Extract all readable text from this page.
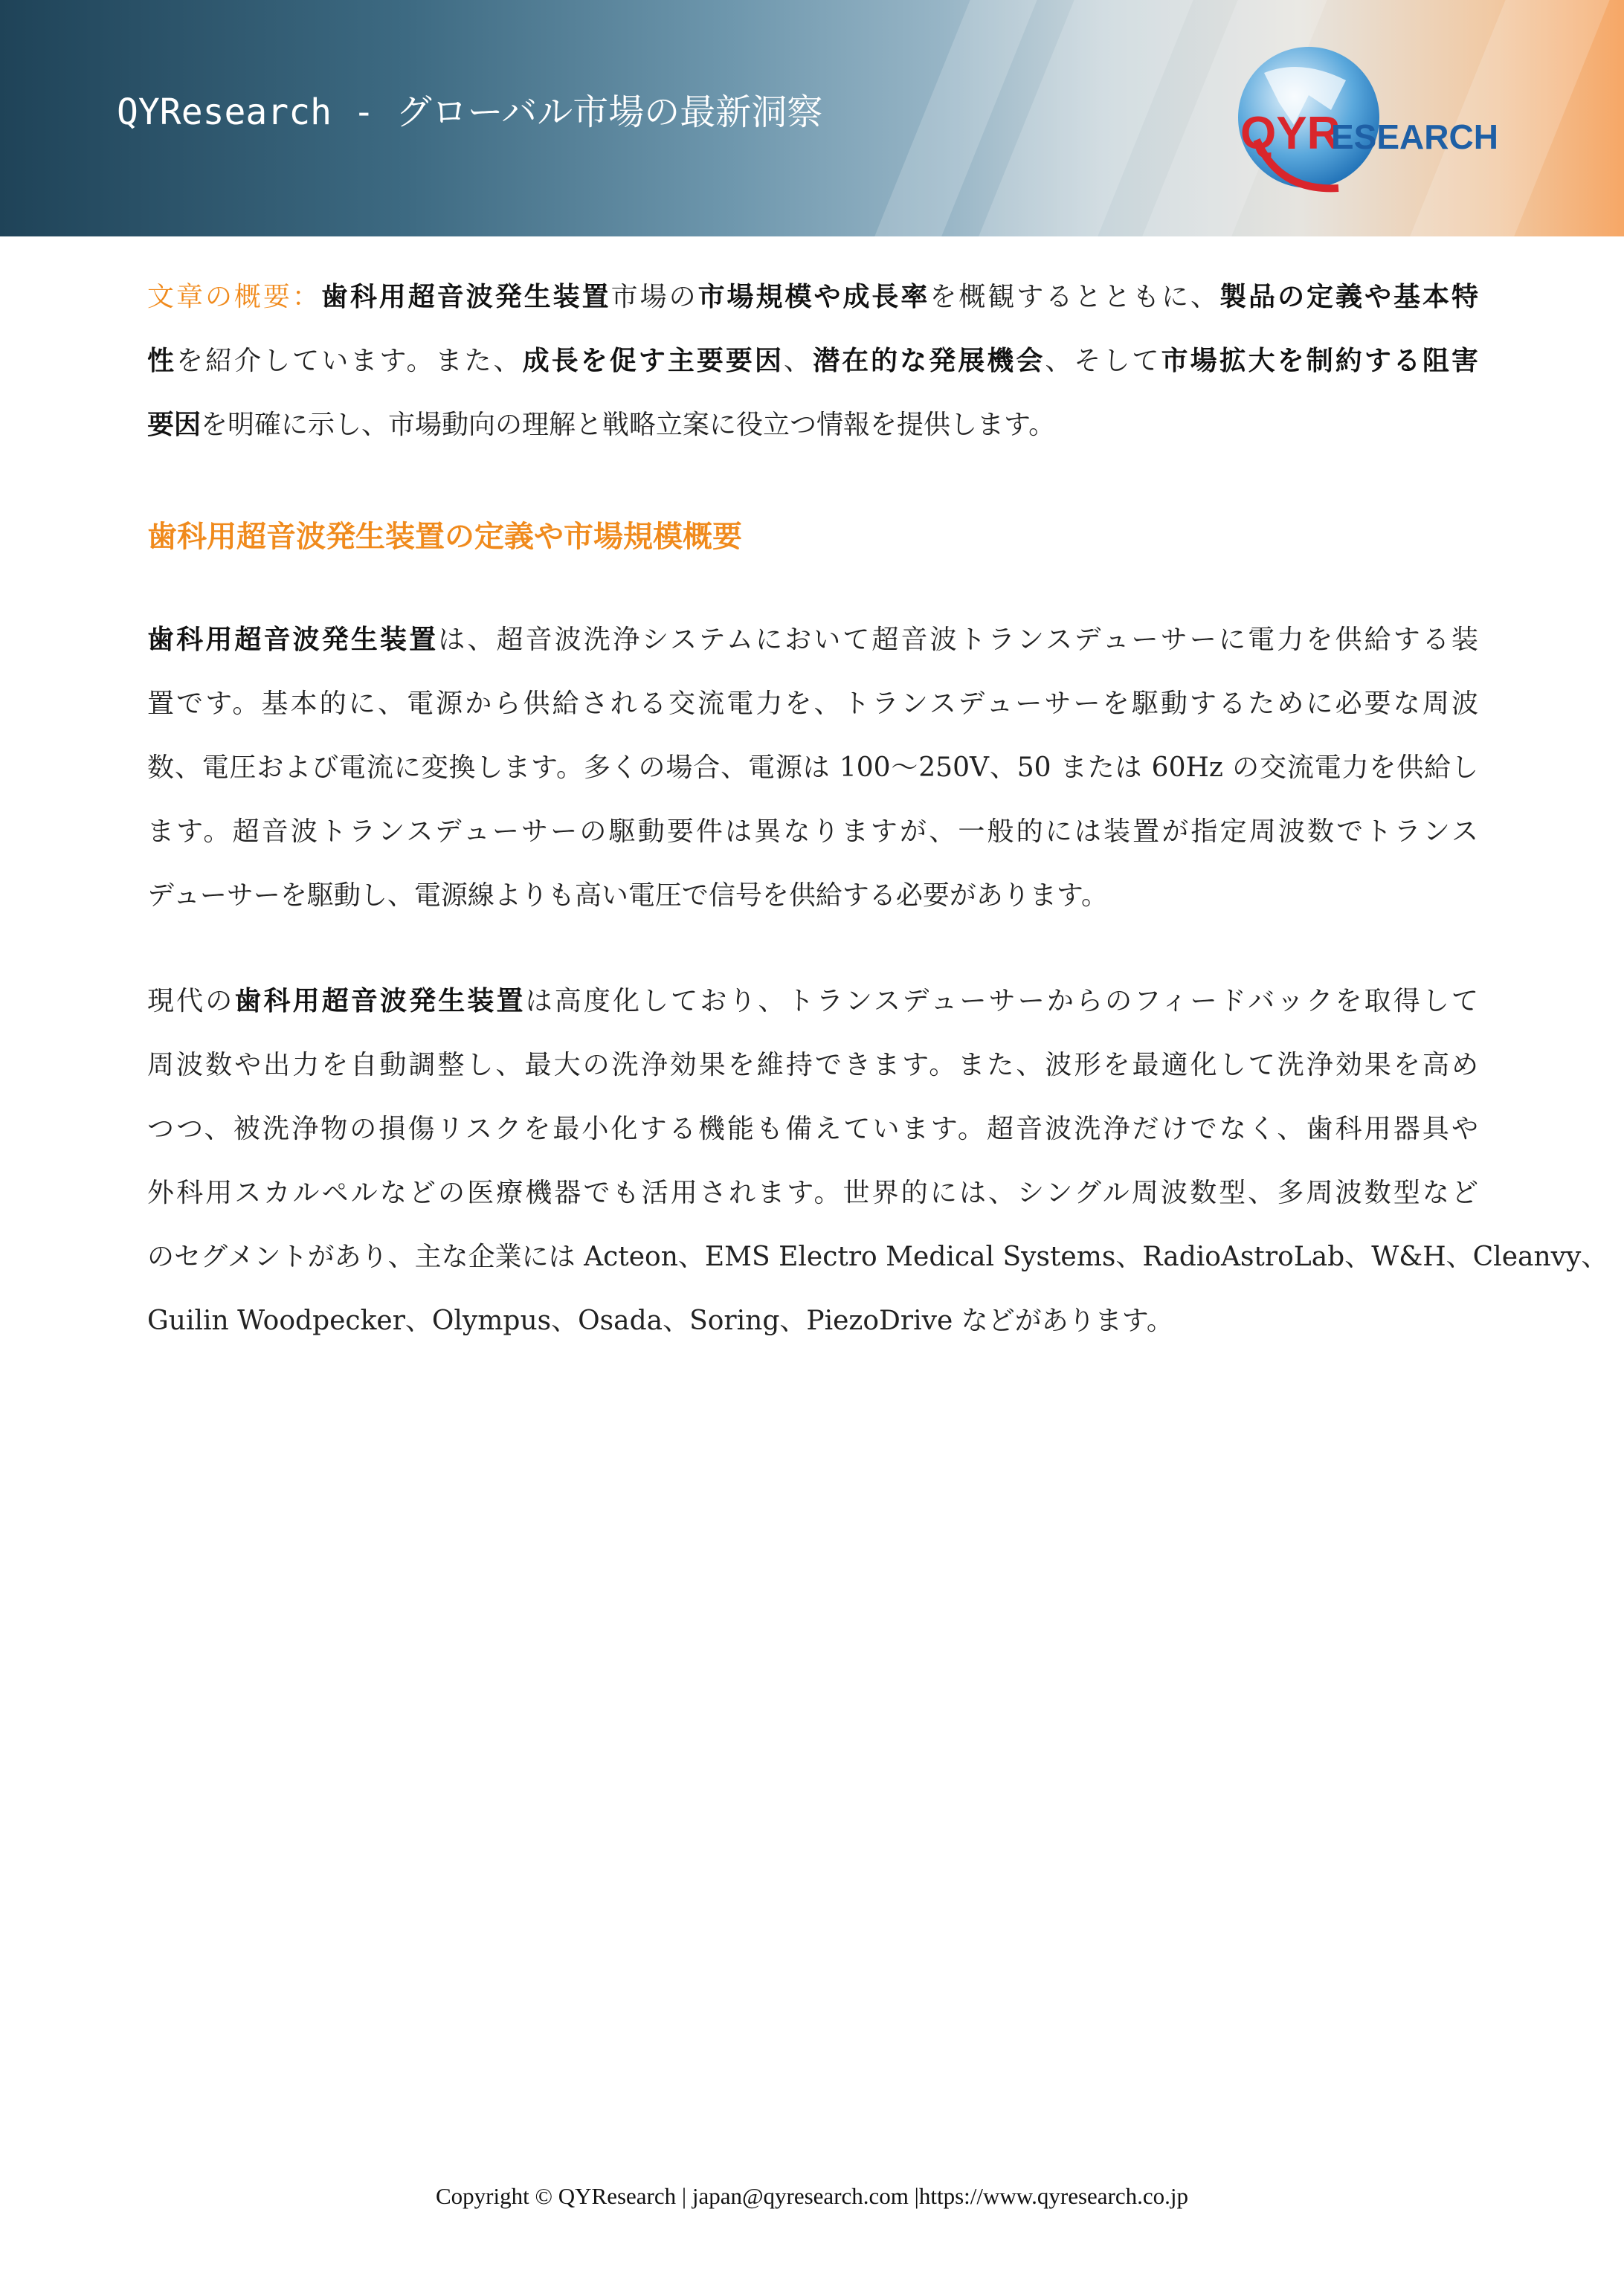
QYResearch - グローバル市場の最新洞察	QYR
ESEARCH
文章の概要：歯科用超音波発生装置市場の市場規模や成長率を概観するとともに、製品の定義や基本特
性を紹介しています。また、成長を促す主要要因、潜在的な発展機会、そして市場拡大を制約する阻害
要因を明確に示し、市場動向の理解と戦略立案に役立つ情報を提供します。
歯科用超音波発生装置の定義や市場規模概要
歯科用超音波発生装置は、超音波洗浄システムにおいて超音波トランスデューサーに電力を供給する装
置です。基本的に、電源から供給される交流電力を、トランスデューサーを駆動するために必要な周波
数、電圧および電流に変換します。多くの場合、電源は 100～250V、50 または 60Hz の交流電力を供給し
ます。超音波トランスデューサーの駆動要件は異なりますが、一般的には装置が指定周波数でトランス
デューサーを駆動し、電源線よりも高い電圧で信号を供給する必要があります。
現代の歯科用超音波発生装置は高度化しており、トランスデューサーからのフィードバックを取得して
周波数や出力を自動調整し、最大の洗浄効果を維持できます。また、波形を最適化して洗浄効果を高め
つつ、被洗浄物の損傷リスクを最小化する機能も備えています。超音波洗浄だけでなく、歯科用器具や
外科用スカルペルなどの医療機器でも活用されます。世界的には、シングル周波数型、多周波数型など
のセグメントがあり、主な企業には Acteon、EMS Electro Medical Systems、RadioAstroLab、W&H、Cleanvy、
Guilin Woodpecker、Olympus、Osada、Soring、PiezoDrive などがあります。
Copyright © QYResearch | japan@qyresearch.com |https://www.qyresearch.co.jp
